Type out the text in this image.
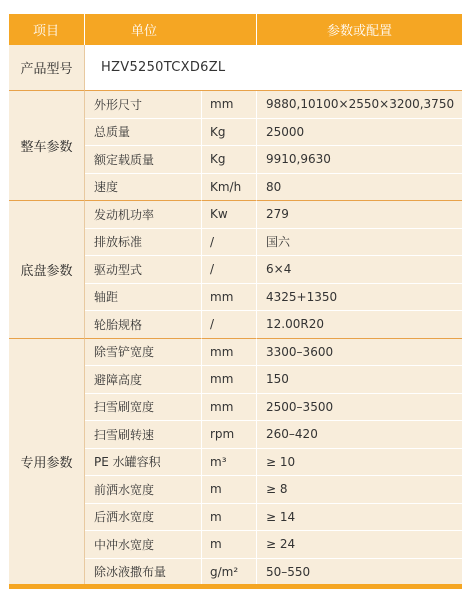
项目	单位		参数或配置
产品型号	HZV5250TCXD6ZL		
整车参数	外形尺寸	mm	9880,10100×2550×3200,3750
	总质量	Kg	25000
	额定载质量	Kg	9910,9630
	速度	Km/h	80
底盘参数	发动机功率	Kw	279
	排放标准	/	国六
	驱动型式	/	6×4
	轴距	mm	4325+1350
	轮胎规格	/	12.00R20
专用参数	除雪铲宽度	mm	3300–3600
	避障高度	mm	150
	扫雪刷宽度	mm	2500–3500
	扫雪刷转速	rpm	260–420
	PE 水罐容积	m³	≥ 10
	前洒水宽度	m	≥ 8
	后洒水宽度	m	≥ 14
	中冲水宽度	m	≥ 24
	除冰液撒布量	g/m²	50–550
